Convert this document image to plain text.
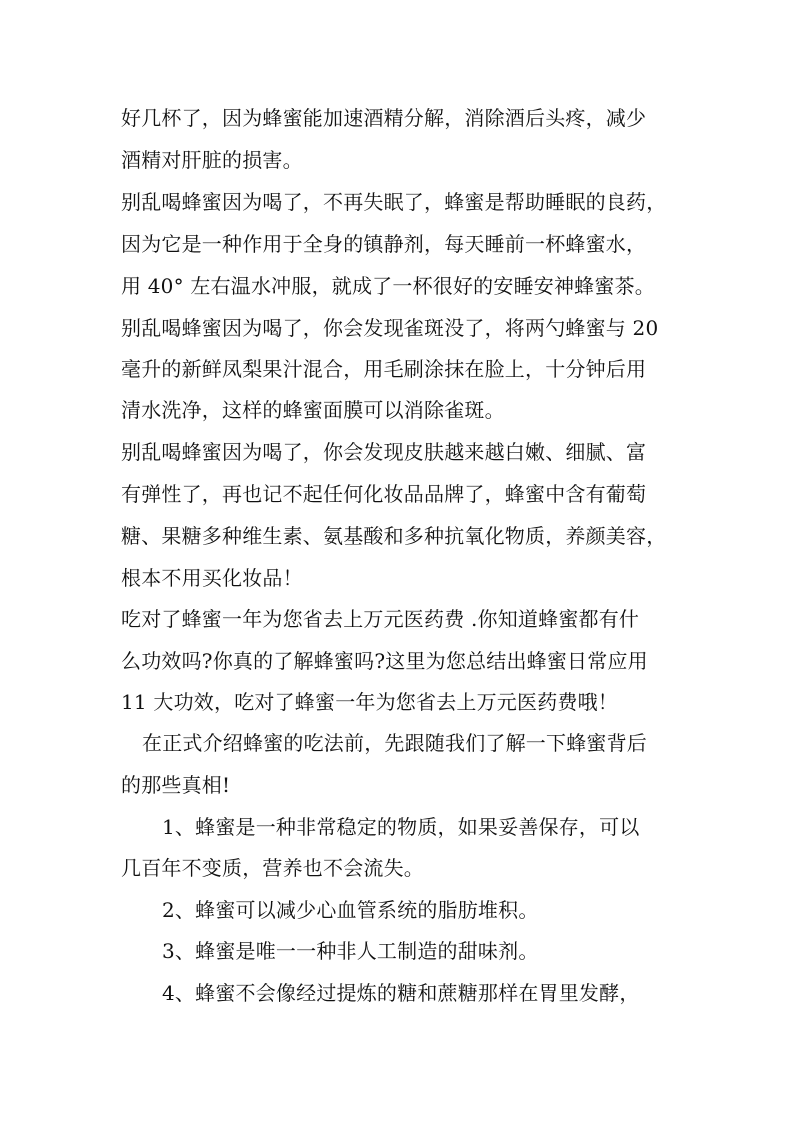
好几杯了，因为蜂蜜能加速酒精分解，消除酒后头疼，减少
酒精对肝脏的损害。
别乱喝蜂蜜因为喝了，不再失眠了，蜂蜜是帮助睡眠的良药，
因为它是一种作用于全身的镇静剂，每天睡前一杯蜂蜜水，
用 40° 左右温水冲服，就成了一杯很好的安睡安神蜂蜜茶。
别乱喝蜂蜜因为喝了，你会发现雀斑没了，将两勺蜂蜜与 20
毫升的新鲜凤梨果汁混合，用毛刷涂抹在脸上，十分钟后用
清水洗净，这样的蜂蜜面膜可以消除雀斑。
别乱喝蜂蜜因为喝了，你会发现皮肤越来越白嫩、细腻、富
有弹性了，再也记不起任何化妆品品牌了，蜂蜜中含有葡萄
糖、果糖多种维生素、氨基酸和多种抗氧化物质，养颜美容，
根本不用买化妆品！
吃对了蜂蜜一年为您省去上万元医药费 .你知道蜂蜜都有什
么功效吗?你真的了解蜂蜜吗?这里为您总结出蜂蜜日常应用
11 大功效，吃对了蜂蜜一年为您省去上万元医药费哦！
在正式介绍蜂蜜的吃法前，先跟随我们了解一下蜂蜜背后
的那些真相!
1、蜂蜜是一种非常稳定的物质，如果妥善保存，可以
几百年不变质，营养也不会流失。
2、蜂蜜可以减少心血管系统的脂肪堆积。
3、蜂蜜是唯一一种非人工制造的甜味剂。
4、蜂蜜不会像经过提炼的糖和蔗糖那样在胃里发酵，
